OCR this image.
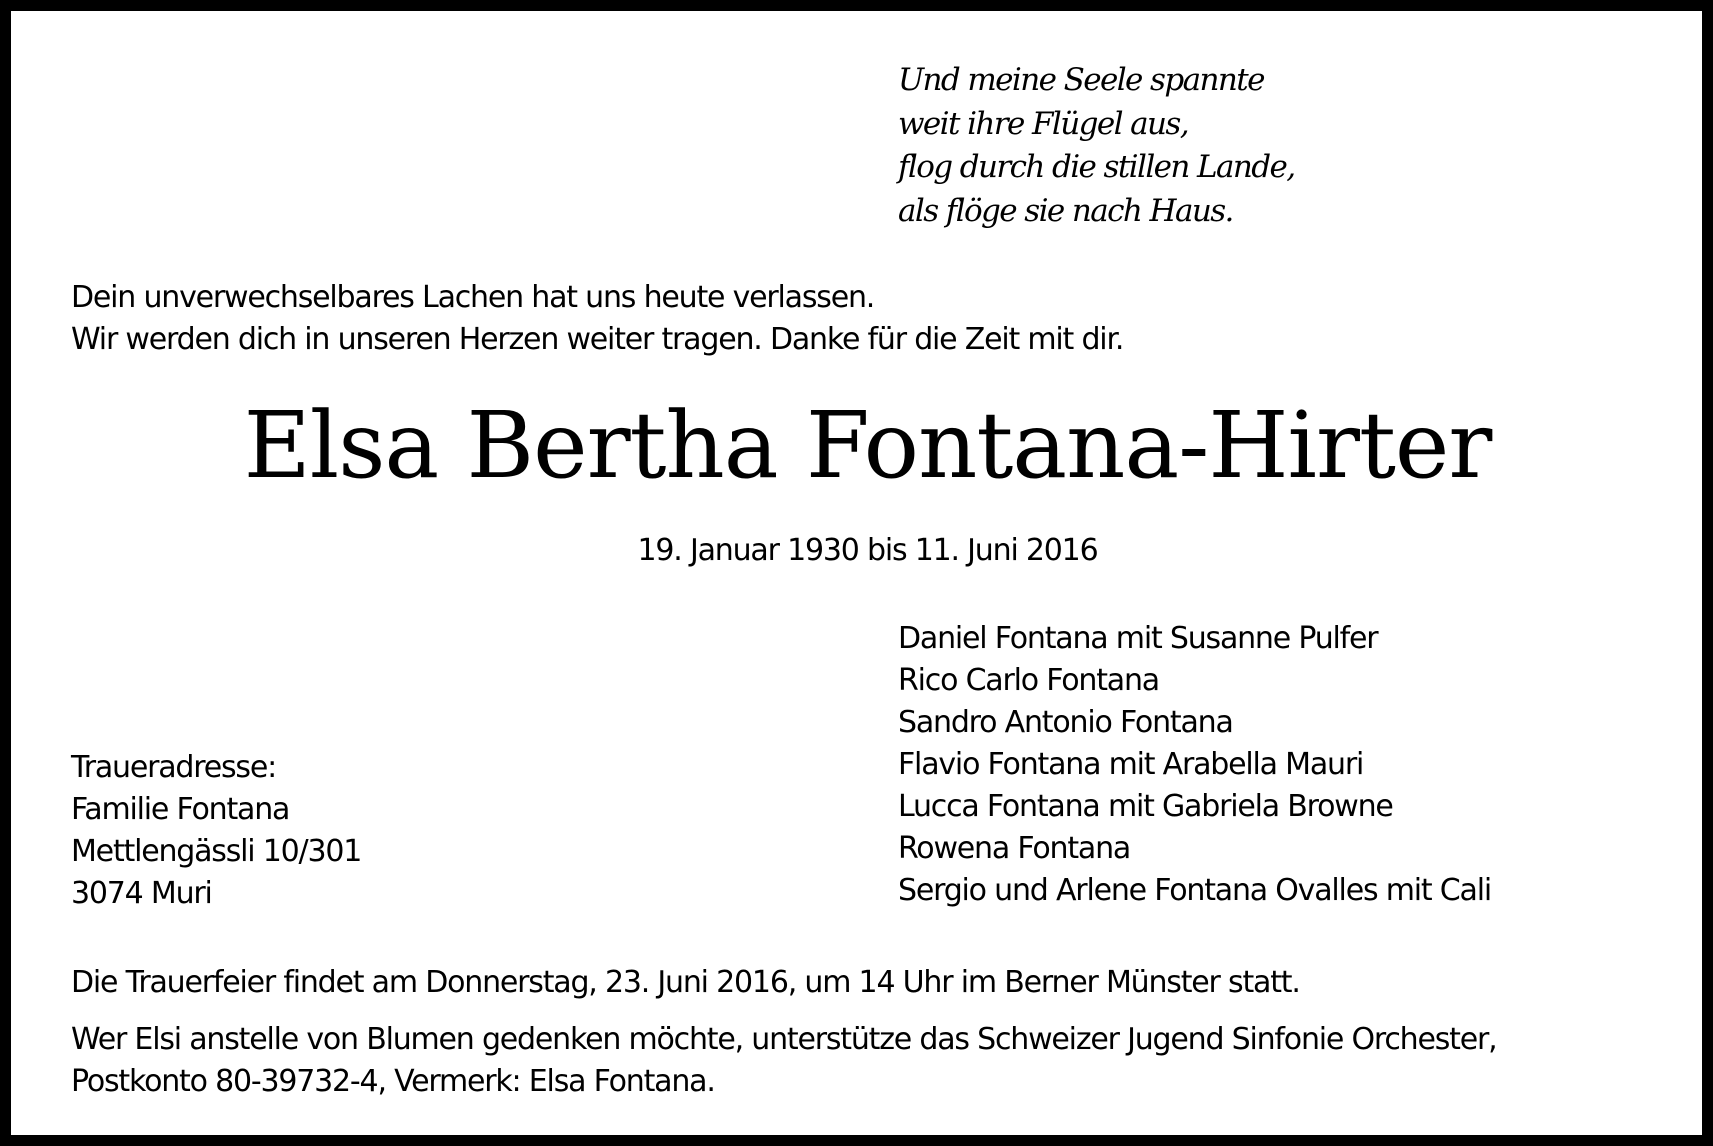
Und meine Seele spannte
weit ihre Flügel aus,
flog durch die stillen Lande,
als flöge sie nach Haus.
Dein unverwechselbares Lachen hat uns heute verlassen.
Wir werden dich in unseren Herzen weiter tragen. Danke für die Zeit mit dir.
Elsa Bertha Fontana-Hirter
19. Januar 1930 bis 11. Juni 2016
Daniel Fontana mit Susanne Pulfer
Rico Carlo Fontana
Sandro Antonio Fontana
Flavio Fontana mit Arabella Mauri
Lucca Fontana mit Gabriela Browne
Rowena Fontana
Sergio und Arlene Fontana Ovalles mit Cali
Traueradresse:
Familie Fontana
Mettlengässli 10/301
3074 Muri
Die Trauerfeier findet am Donnerstag, 23. Juni 2016, um 14 Uhr im Berner Münster statt.
Wer Elsi anstelle von Blumen gedenken möchte, unterstütze das Schweizer Jugend Sinfonie Orchester,
Postkonto 80-39732-4, Vermerk: Elsa Fontana.
